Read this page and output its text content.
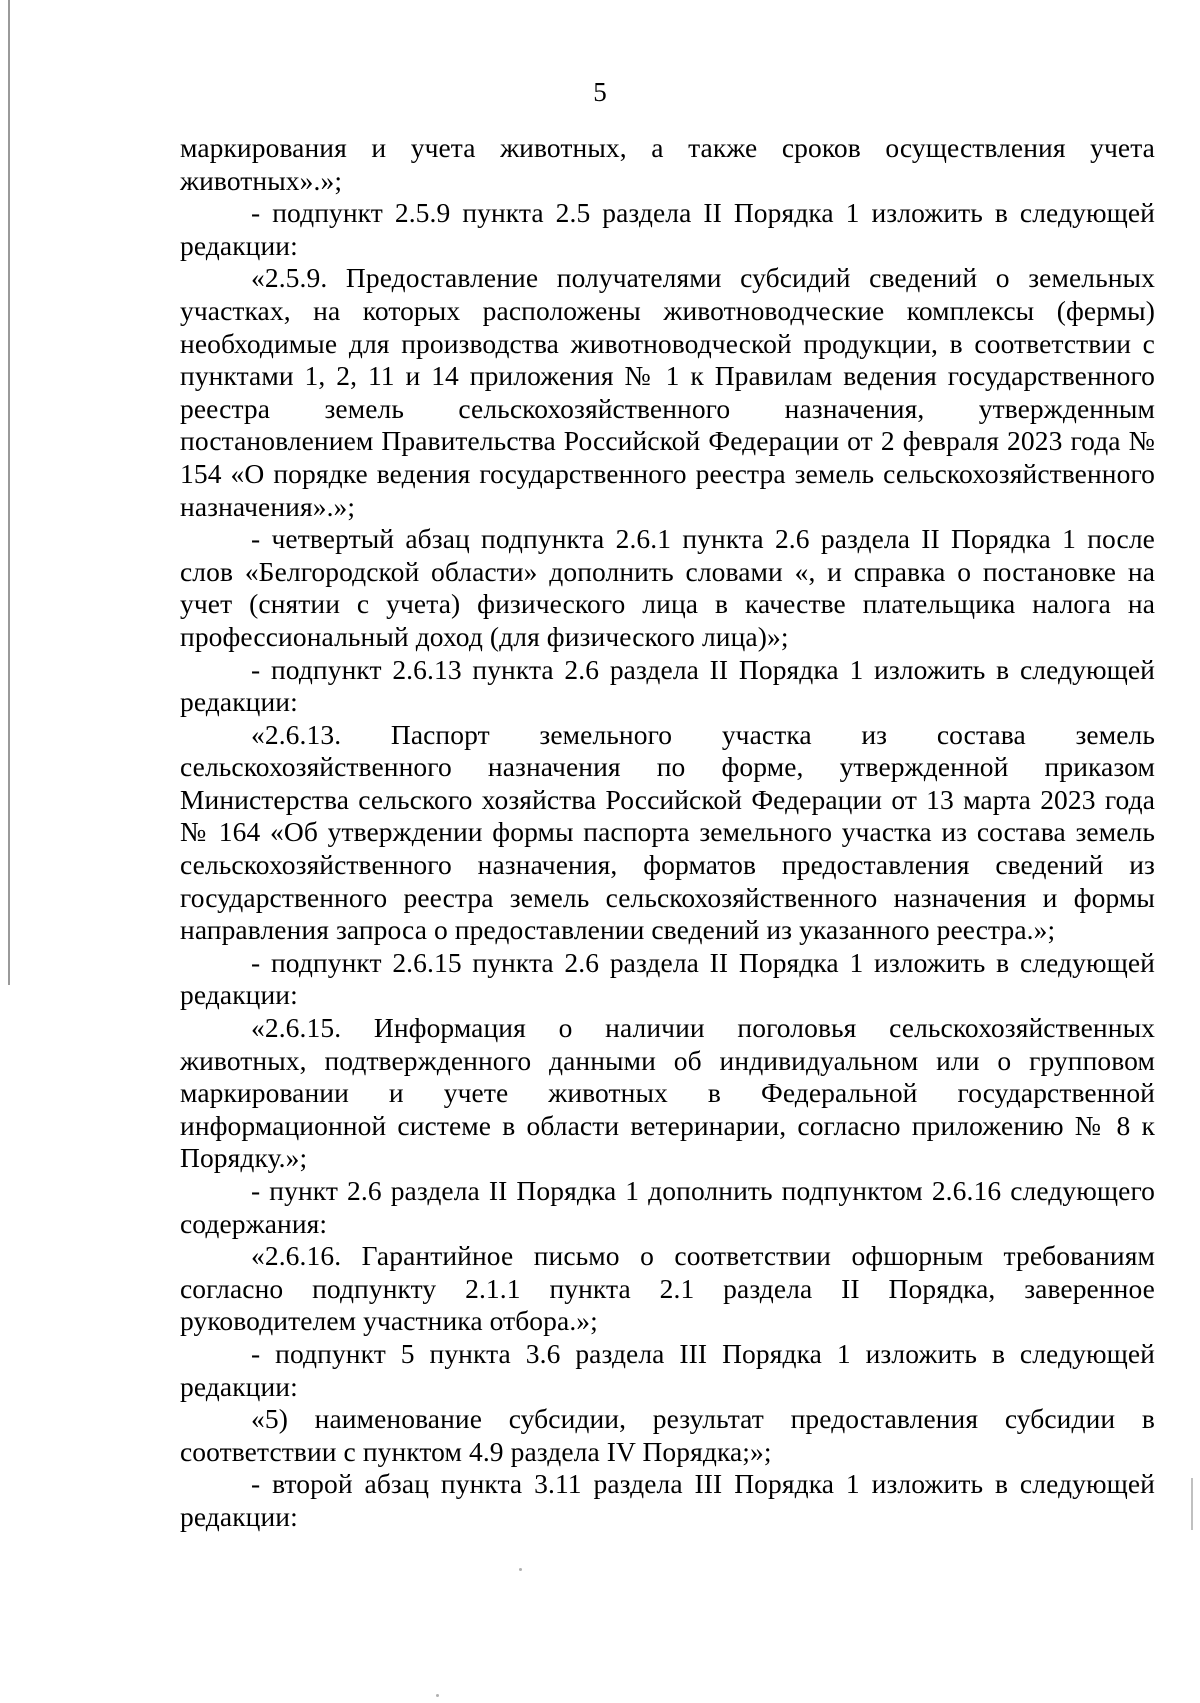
5

маркирования и учета животных, а также сроков осуществления учета животных».»;

- подпункт 2.5.9 пункта 2.5 раздела II Порядка 1 изложить в следующей редакции:

«2.5.9. Предоставление получателями субсидий сведений о земельных участках, на которых расположены животноводческие комплексы (фермы) необходимые для производства животноводческой продукции, в соответствии с пунктами 1, 2, 11 и 14 приложения № 1 к Правилам ведения государственного реестра земель сельскохозяйственного назначения, утвержденным постановлением Правительства Российской Федерации от 2 февраля 2023 года № 154 «О порядке ведения государственного реестра земель сельскохозяйственного назначения».»;

- четвертый абзац подпункта 2.6.1 пункта 2.6 раздела II Порядка 1 после слов «Белгородской области» дополнить словами «, и справка о постановке на учет (снятии с учета) физического лица в качестве плательщика налога на профессиональный доход (для физического лица)»;

- подпункт 2.6.13 пункта 2.6 раздела II Порядка 1 изложить в следующей редакции:

«2.6.13. Паспорт земельного участка из состава земель сельскохозяйственного назначения по форме, утвержденной приказом Министерства сельского хозяйства Российской Федерации от 13 марта 2023 года № 164 «Об утверждении формы паспорта земельного участка из состава земель сельскохозяйственного назначения, форматов предоставления сведений из государственного реестра земель сельскохозяйственного назначения и формы направления запроса о предоставлении сведений из указанного реестра.»;

- подпункт 2.6.15 пункта 2.6 раздела II Порядка 1 изложить в следующей редакции:

«2.6.15. Информация о наличии поголовья сельскохозяйственных животных, подтвержденного данными об индивидуальном или о групповом маркировании и учете животных в Федеральной государственной информационной системе в области ветеринарии, согласно приложению № 8 к Порядку.»;

- пункт 2.6 раздела II Порядка 1 дополнить подпунктом 2.6.16 следующего содержания:

«2.6.16. Гарантийное письмо о соответствии офшорным требованиям согласно подпункту 2.1.1 пункта 2.1 раздела II Порядка, заверенное руководителем участника отбора.»;

- подпункт 5 пункта 3.6 раздела III Порядка 1 изложить в следующей редакции:

«5) наименование субсидии, результат предоставления субсидии в соответствии с пунктом 4.9 раздела IV Порядка;»;

- второй абзац пункта 3.11 раздела III Порядка 1 изложить в следующей редакции:
